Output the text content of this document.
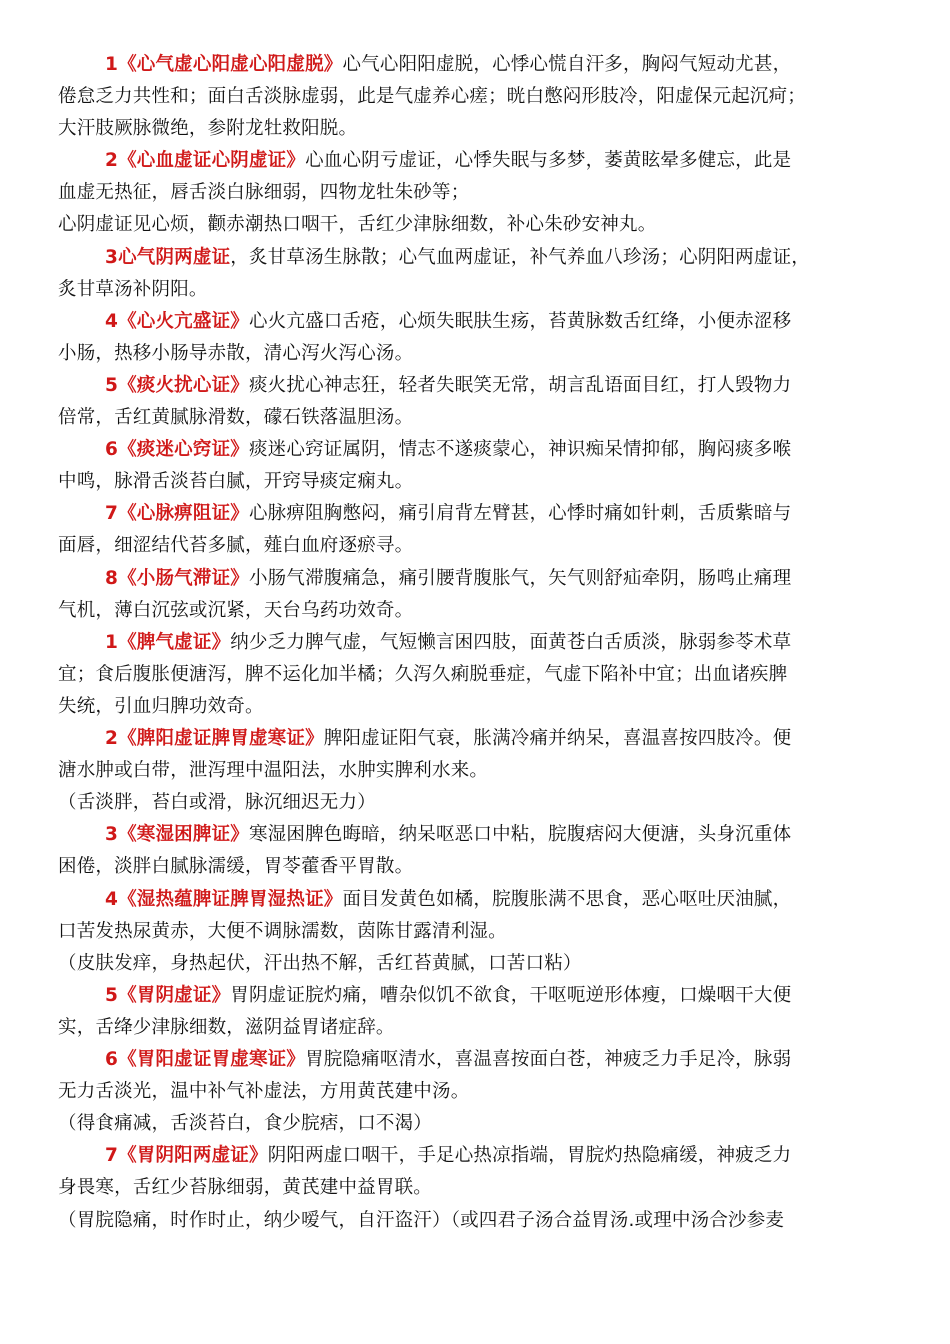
1《心气虚心阳虚心阳虚脱》心气心阳阳虚脱，心悸心慌自汗多，胸闷气短动尤甚，
倦怠乏力共性和；面白舌淡脉虚弱，此是气虚养心瘥；晄白憋闷形肢冷，阳虚保元起沉疴；
大汗肢厥脉微绝，参附龙牡救阳脱。
2《心血虚证心阴虚证》心血心阴亏虚证，心悸失眠与多梦，萎黄眩晕多健忘，此是
血虚无热征，唇舌淡白脉细弱，四物龙牡朱砂等；
心阴虚证见心烦，颧赤潮热口咽干，舌红少津脉细数，补心朱砂安神丸。
3心气阴两虚证，炙甘草汤生脉散；心气血两虚证，补气养血八珍汤；心阴阳两虚证，
炙甘草汤补阴阳。
4《心火亢盛证》心火亢盛口舌疮，心烦失眠肤生疡，苔黄脉数舌红绛，小便赤涩移
小肠，热移小肠导赤散，清心泻火泻心汤。
5《痰火扰心证》痰火扰心神志狂，轻者失眠笑无常，胡言乱语面目红，打人毁物力
倍常，舌红黄腻脉滑数，礞石铁落温胆汤。
6《痰迷心窍证》痰迷心窍证属阴，情志不遂痰蒙心，神识痴呆情抑郁，胸闷痰多喉
中鸣，脉滑舌淡苔白腻，开窍导痰定痫丸。
7《心脉痹阻证》心脉痹阻胸憋闷，痛引肩背左臂甚，心悸时痛如针刺，舌质紫暗与
面唇，细涩结代苔多腻，薤白血府逐瘀寻。
8《小肠气滞证》小肠气滞腹痛急，痛引腰背腹胀气，矢气则舒疝牵阴，肠鸣止痛理
气机，薄白沉弦或沉紧，天台乌药功效奇。
1《脾气虚证》纳少乏力脾气虚，气短懒言困四肢，面黄苍白舌质淡，脉弱参苓术草
宜；食后腹胀便溏泻，脾不运化加半橘；久泻久痢脱垂症，气虚下陷补中宜；出血诸疾脾
失统，引血归脾功效奇。
2《脾阳虚证脾胃虚寒证》脾阳虚证阳气衰，胀满冷痛并纳呆，喜温喜按四肢冷。便
溏水肿或白带，泄泻理中温阳法，水肿实脾利水来。
（舌淡胖，苔白或滑，脉沉细迟无力）
3《寒湿困脾证》寒湿困脾色晦暗，纳呆呕恶口中粘，脘腹痞闷大便溏，头身沉重体
困倦，淡胖白腻脉濡缓，胃苓藿香平胃散。
4《湿热蕴脾证脾胃湿热证》面目发黄色如橘，脘腹胀满不思食，恶心呕吐厌油腻，
口苦发热尿黄赤，大便不调脉濡数，茵陈甘露清利湿。
（皮肤发痒，身热起伏，汗出热不解，舌红苔黄腻，口苦口粘）
5《胃阴虚证》胃阴虚证脘灼痛，嘈杂似饥不欲食，干呕呃逆形体瘦，口燥咽干大便
实，舌绛少津脉细数，滋阴益胃诸症辞。
6《胃阳虚证胃虚寒证》胃脘隐痛呕清水，喜温喜按面白苍，神疲乏力手足冷，脉弱
无力舌淡光，温中补气补虚法，方用黄芪建中汤。
（得食痛减，舌淡苔白，食少脘痞，口不渴）
7《胃阴阳两虚证》阴阳两虚口咽干，手足心热凉指端，胃脘灼热隐痛缓，神疲乏力
身畏寒，舌红少苔脉细弱，黄芪建中益胃联。
（胃脘隐痛，时作时止，纳少嗳气，自汗盗汗）（或四君子汤合益胃汤.或理中汤合沙参麦
